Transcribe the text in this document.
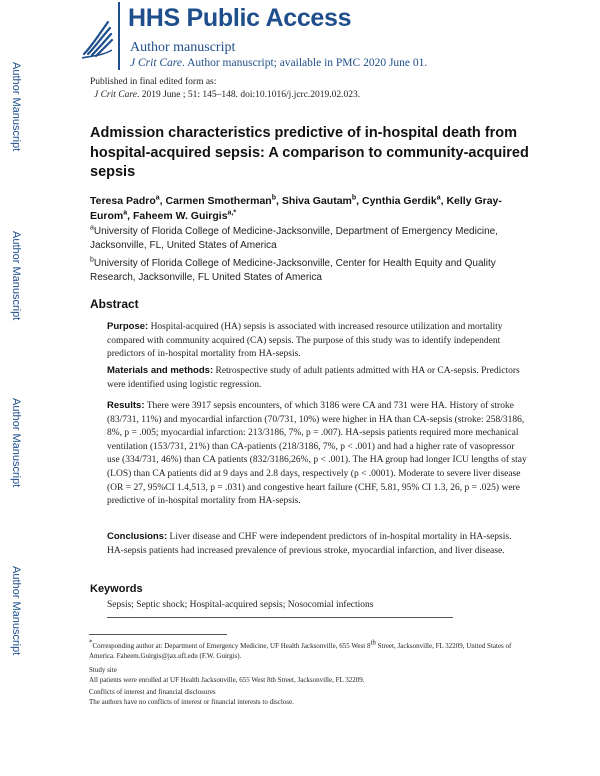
HHS Public Access
Author manuscript
J Crit Care. Author manuscript; available in PMC 2020 June 01.
Author Manuscript
Author Manuscript
Author Manuscript
Author Manuscript
Published in final edited form as:
J Crit Care. 2019 June ; 51: 145–148. doi:10.1016/j.jcrc.2019.02.023.
Admission characteristics predictive of in-hospital death from hospital-acquired sepsis: A comparison to community-acquired sepsis
Teresa Padro$^a$, Carmen Smotherman$^b$, Shiva Gautam$^b$, Cynthia Gerdik$^a$, Kelly Gray-Eurom$^a$, Faheem W. Guirgis$^{a,*}$
$^a$University of Florida College of Medicine-Jacksonville, Department of Emergency Medicine, Jacksonville, FL, United States of America
$^b$University of Florida College of Medicine-Jacksonville, Center for Health Equity and Quality Research, Jacksonville, FL United States of America
Abstract
Purpose: Hospital-acquired (HA) sepsis is associated with increased resource utilization and mortality compared with community acquired (CA) sepsis. The purpose of this study was to identify independent predictors of in-hospital mortality from HA-sepsis.
Materials and methods: Retrospective study of adult patients admitted with HA or CA-sepsis. Predictors were identified using logistic regression.
Results: There were 3917 sepsis encounters, of which 3186 were CA and 731 were HA. History of stroke (83/731, 11%) and myocardial infarction (70/731, 10%) were higher in HA than CA-sepsis (stroke: 258/3186, 8%, p = .005; myocardial infarction: 213/3186, 7%, p = .007). HA-sepsis patients required more mechanical ventilation (153/731, 21%) than CA-patients (218/3186, 7%, p < .001) and had a higher rate of vasopressor use (334/731, 46%) than CA patients (832/3186,26%, p < .001). The HA group had longer ICU lengths of stay (LOS) than CA patients did at 9 days and 2.8 days, respectively (p < .0001). Moderate to severe liver disease (OR = 27, 95%CI 1.4,513, p = .031) and congestive heart failure (CHF, 5.81, 95% CI 1.3, 26, p = .025) were predictive of in-hospital mortality from HA-sepsis.
Conclusions: Liver disease and CHF were independent predictors of in-hospital mortality in HA-sepsis. HA-sepsis patients had increased prevalence of previous stroke, myocardial infarction, and liver disease.
Keywords
Sepsis; Septic shock; Hospital-acquired sepsis; Nosocomial infections
*Corresponding author at: Department of Emergency Medicine, UF Health Jacksonville, 655 West 8th Street, Jacksonville, FL 32209, United States of America. Faheem.Guirgis@jax.ufl.edu (F.W. Guirgis).
Study site
All patients were enrolled at UF Health Jacksonville, 655 West 8th Street, Jacksonville, FL 32209.
Conflicts of interest and financial disclosures
The authors have no conflicts of interest or financial interests to disclose.
